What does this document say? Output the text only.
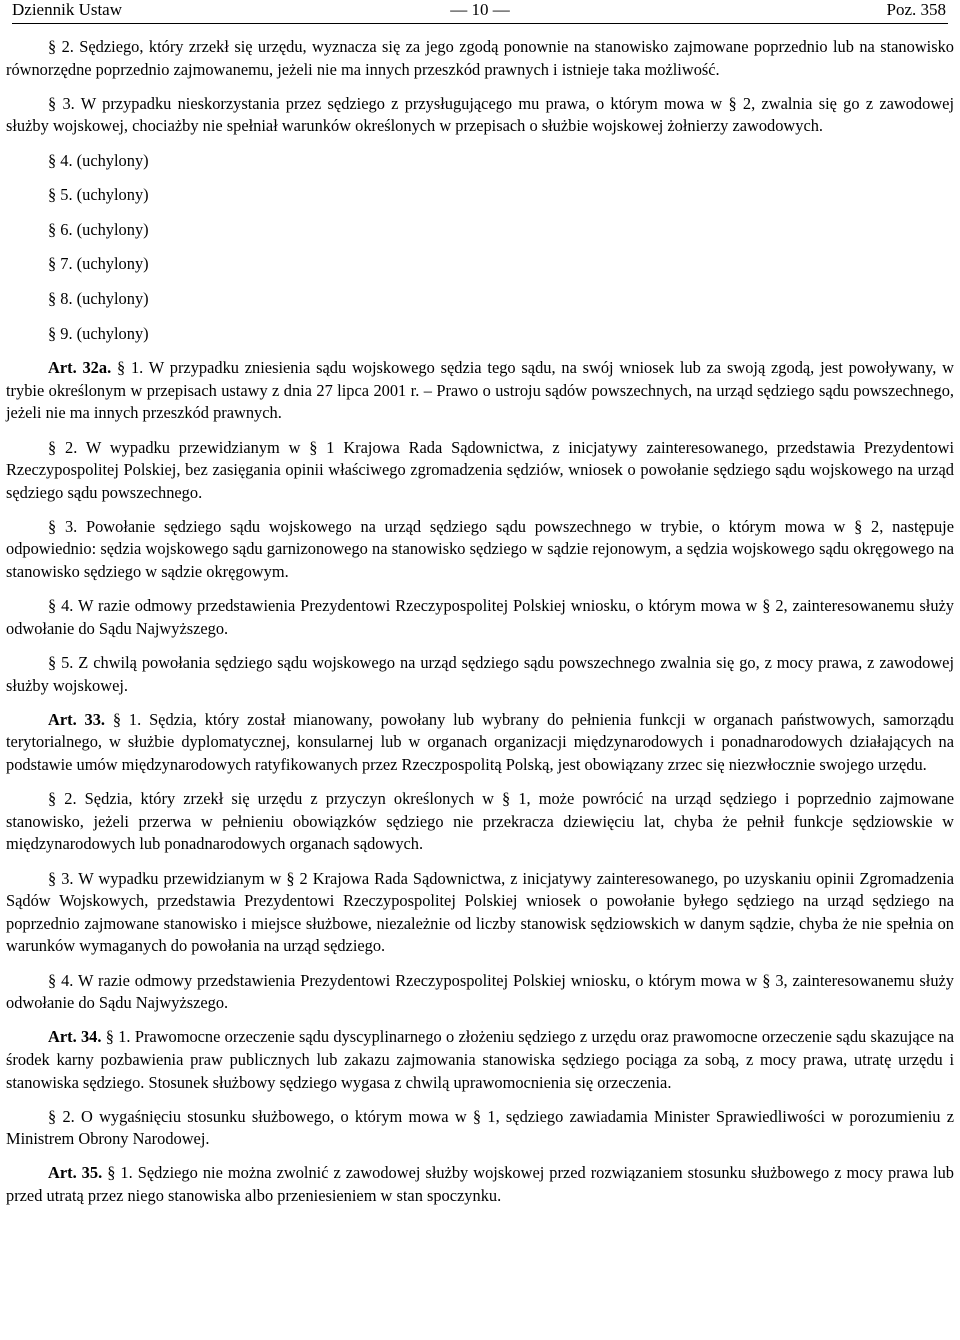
Dziennik Ustaw	— 10 —	Poz. 358

§ 2. Sędziego, który zrzekł się urzędu, wyznacza się za jego zgodą ponownie na stanowisko zajmowane poprzednio lub na stanowisko równorzędne poprzednio zajmowanemu, jeżeli nie ma innych przeszkód prawnych i istnieje taka możliwość.

§ 3. W przypadku nieskorzystania przez sędziego z przysługującego mu prawa, o którym mowa w § 2, zwalnia się go z zawodowej służby wojskowej, chociażby nie spełniał warunków określonych w przepisach o służbie wojskowej żołnierzy zawodowych.

§ 4. (uchylony)

§ 5. (uchylony)

§ 6. (uchylony)

§ 7. (uchylony)

§ 8. (uchylony)

§ 9. (uchylony)

Art. 32a. § 1. W przypadku zniesienia sądu wojskowego sędzia tego sądu, na swój wniosek lub za swoją zgodą, jest powoływany, w trybie określonym w przepisach ustawy z dnia 27 lipca 2001 r. – Prawo o ustroju sądów powszechnych, na urząd sędziego sądu powszechnego, jeżeli nie ma innych przeszkód prawnych.

§ 2. W wypadku przewidzianym w § 1 Krajowa Rada Sądownictwa, z inicjatywy zainteresowanego, przedstawia Prezydentowi Rzeczypospolitej Polskiej, bez zasięgania opinii właściwego zgromadzenia sędziów, wniosek o powołanie sędziego sądu wojskowego na urząd sędziego sądu powszechnego.

§ 3. Powołanie sędziego sądu wojskowego na urząd sędziego sądu powszechnego w trybie, o którym mowa w § 2, następuje odpowiednio: sędzia wojskowego sądu garnizonowego na stanowisko sędziego w sądzie rejonowym, a sędzia wojskowego sądu okręgowego na stanowisko sędziego w sądzie okręgowym.

§ 4. W razie odmowy przedstawienia Prezydentowi Rzeczypospolitej Polskiej wniosku, o którym mowa w § 2, zainteresowanemu służy odwołanie do Sądu Najwyższego.

§ 5. Z chwilą powołania sędziego sądu wojskowego na urząd sędziego sądu powszechnego zwalnia się go, z mocy prawa, z zawodowej służby wojskowej.

Art. 33. § 1. Sędzia, który został mianowany, powołany lub wybrany do pełnienia funkcji w organach państwowych, samorządu terytorialnego, w służbie dyplomatycznej, konsularnej lub w organach organizacji międzynarodowych i ponadnarodowych działających na podstawie umów międzynarodowych ratyfikowanych przez Rzeczpospolitą Polską, jest obowiązany zrzec się niezwłocznie swojego urzędu.

§ 2. Sędzia, który zrzekł się urzędu z przyczyn określonych w § 1, może powrócić na urząd sędziego i poprzednio zajmowane stanowisko, jeżeli przerwa w pełnieniu obowiązków sędziego nie przekracza dziewięciu lat, chyba że pełnił funkcje sędziowskie w międzynarodowych lub ponadnarodowych organach sądowych.

§ 3. W wypadku przewidzianym w § 2 Krajowa Rada Sądownictwa, z inicjatywy zainteresowanego, po uzyskaniu opinii Zgromadzenia Sądów Wojskowych, przedstawia Prezydentowi Rzeczypospolitej Polskiej wniosek o powołanie byłego sędziego na urząd sędziego na poprzednio zajmowane stanowisko i miejsce służbowe, niezależnie od liczby stanowisk sędziowskich w danym sądzie, chyba że nie spełnia on warunków wymaganych do powołania na urząd sędziego.

§ 4. W razie odmowy przedstawienia Prezydentowi Rzeczypospolitej Polskiej wniosku, o którym mowa w § 3, zainteresowanemu służy odwołanie do Sądu Najwyższego.

Art. 34. § 1. Prawomocne orzeczenie sądu dyscyplinarnego o złożeniu sędziego z urzędu oraz prawomocne orzeczenie sądu skazujące na środek karny pozbawienia praw publicznych lub zakazu zajmowania stanowiska sędziego pociąga za sobą, z mocy prawa, utratę urzędu i stanowiska sędziego. Stosunek służbowy sędziego wygasa z chwilą uprawomocnienia się orzeczenia.

§ 2. O wygaśnięciu stosunku służbowego, o którym mowa w § 1, sędziego zawiadamia Minister Sprawiedliwości w porozumieniu z Ministrem Obrony Narodowej.

Art. 35. § 1. Sędziego nie można zwolnić z zawodowej służby wojskowej przed rozwiązaniem stosunku służbowego z mocy prawa lub przed utratą przez niego stanowiska albo przeniesieniem w stan spoczynku.
